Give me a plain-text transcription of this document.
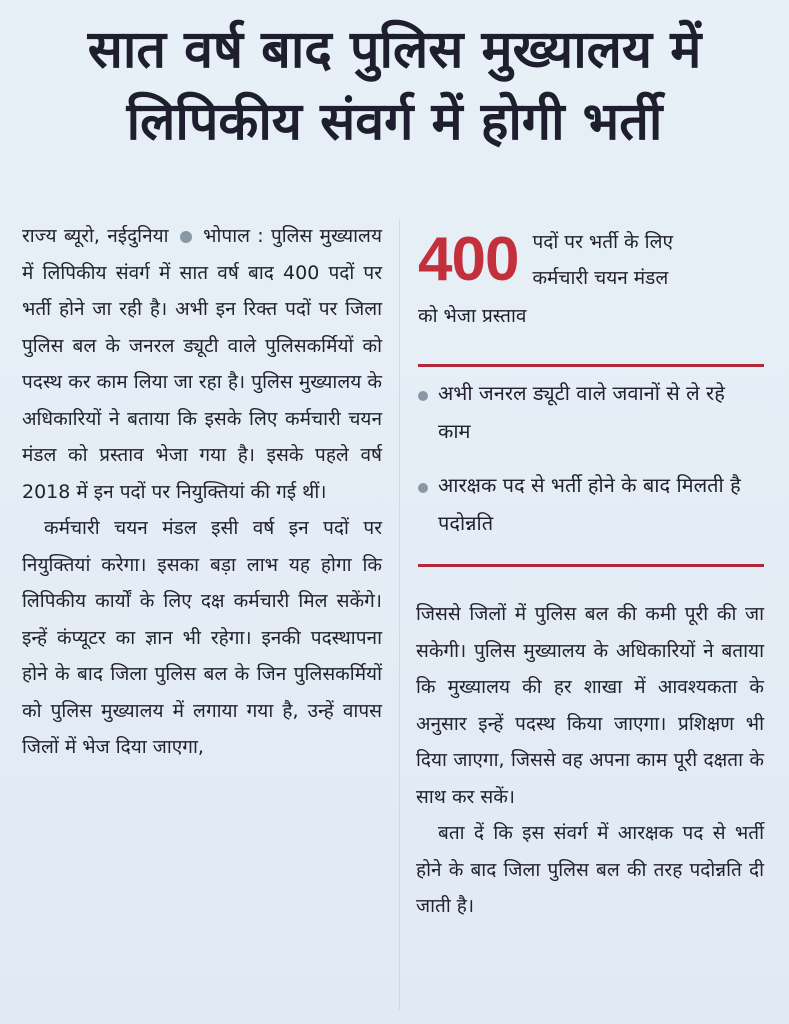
सात वर्ष बाद पुलिस मुख्यालय में
लिपिकीय संवर्ग में होगी भर्ती

राज्य ब्यूरो, नईदुनिया भोपाल : पुलिस मुख्यालय में लिपिकीय संवर्ग में सात वर्ष बाद 400 पदों पर भर्ती होने जा रही है। अभी इन रिक्त पदों पर जिला पुलिस बल के जनरल ड्यूटी वाले पुलिसकर्मियों को पदस्थ कर काम लिया जा रहा है। पुलिस मुख्यालय के अधिकारियों ने बताया कि इसके लिए कर्मचारी चयन मंडल को प्रस्ताव भेजा गया है। इसके पहले वर्ष 2018 में इन पदों पर नियुक्तियां की गई थीं।

कर्मचारी चयन मंडल इसी वर्ष इन पदों पर नियुक्तियां करेगा। इसका बड़ा लाभ यह होगा कि लिपिकीय कार्यों के लिए दक्ष कर्मचारी मिल सकेंगे। इन्हें कंप्यूटर का ज्ञान भी रहेगा। इनकी पदस्थापना होने के बाद जिला पुलिस बल के जिन पुलिसकर्मियों को पुलिस मुख्यालय में लगाया गया है, उन्हें वापस जिलों में भेज दिया जाएगा,

400 पदों पर भर्ती के लिए
कर्मचारी चयन मंडल
को भेजा प्रस्ताव
अभी जनरल ड्यूटी वाले जवानों से ले रहे काम
आरक्षक पद से भर्ती होने के बाद मिलती है पदोन्नति

जिससे जिलों में पुलिस बल की कमी पूरी की जा सकेगी। पुलिस मुख्यालय के अधिकारियों ने बताया कि मुख्यालय की हर शाखा में आवश्यकता के अनुसार इन्हें पदस्थ किया जाएगा। प्रशिक्षण भी दिया जाएगा, जिससे वह अपना काम पूरी दक्षता के साथ कर सकें।

बता दें कि इस संवर्ग में आरक्षक पद से भर्ती होने के बाद जिला पुलिस बल की तरह पदोन्नति दी जाती है।
